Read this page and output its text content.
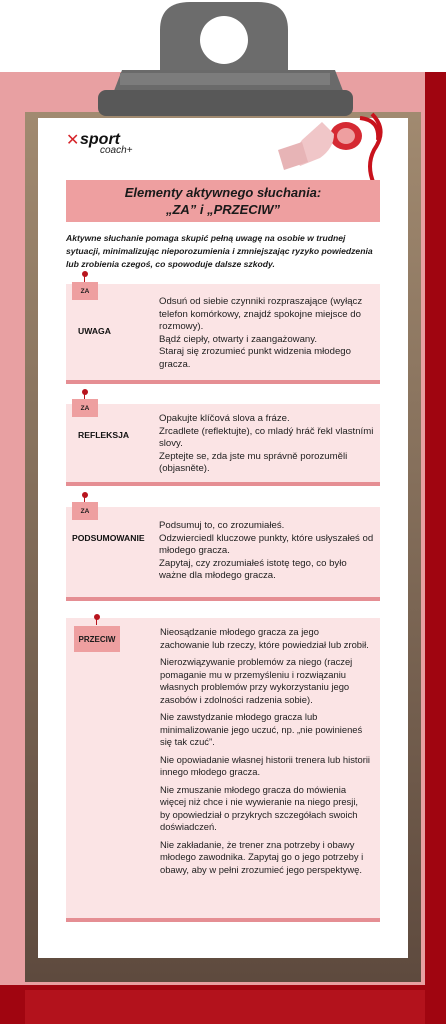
✕ sport
coach+
Elementy aktywnego słuchania: „ZA” i „PRZECIW”
Aktywne słuchanie pomaga skupić pełną uwagę na osobie w trudnej sytuacji, minimalizując nieporozumienia i zmniejszając ryzyko powiedzenia lub zrobienia czegoś, co spowoduje dalsze szkody.
ZA
UWAGA

Odsuń od siebie czynniki rozpraszające (wyłącz telefon komórkowy, znajdź spokojne miejsce do rozmowy).

Bądź ciepły, otwarty i zaangażowany.

Staraj się zrozumieć punkt widzenia młodego gracza.

ZA
REFLEKSJA

Opakujte klíčová slova a fráze.

Zrcadlete (reflektujte), co mladý hráč řekl vlastními slovy.

Zeptejte se, zda jste mu správně porozuměli (objasněte).

ZA
PODSUMOWANIE

Podsumuj to, co zrozumiałeś.

Odzwierciedl kluczowe punkty, które usłyszałeś od młodego gracza.

Zapytaj, czy zrozumiałeś istotę tego, co było ważne dla młodego gracza.

PRZECIW

Nieosądzanie młodego gracza za jego zachowanie lub rzeczy, które powiedział lub zrobił.

Nierozwiązywanie problemów za niego (raczej pomaganie mu w przemyśleniu i rozwiązaniu własnych problemów przy wykorzystaniu jego zasobów i zdolności radzenia sobie).

Nie zawstydzanie młodego gracza lub minimalizowanie jego uczuć, np. „nie powinieneś się tak czuć”.

Nie opowiadanie własnej historii trenera lub historii innego młodego gracza.

Nie zmuszanie młodego gracza do mówienia więcej niż chce i nie wywieranie na niego presji, by opowiedział o przykrych szczegółach swoich doświadczeń.

Nie zakładanie, że trener zna potrzeby i obawy młodego zawodnika. Zapytaj go o jego potrzeby i obawy, aby w pełni zrozumieć jego perspektywę.
